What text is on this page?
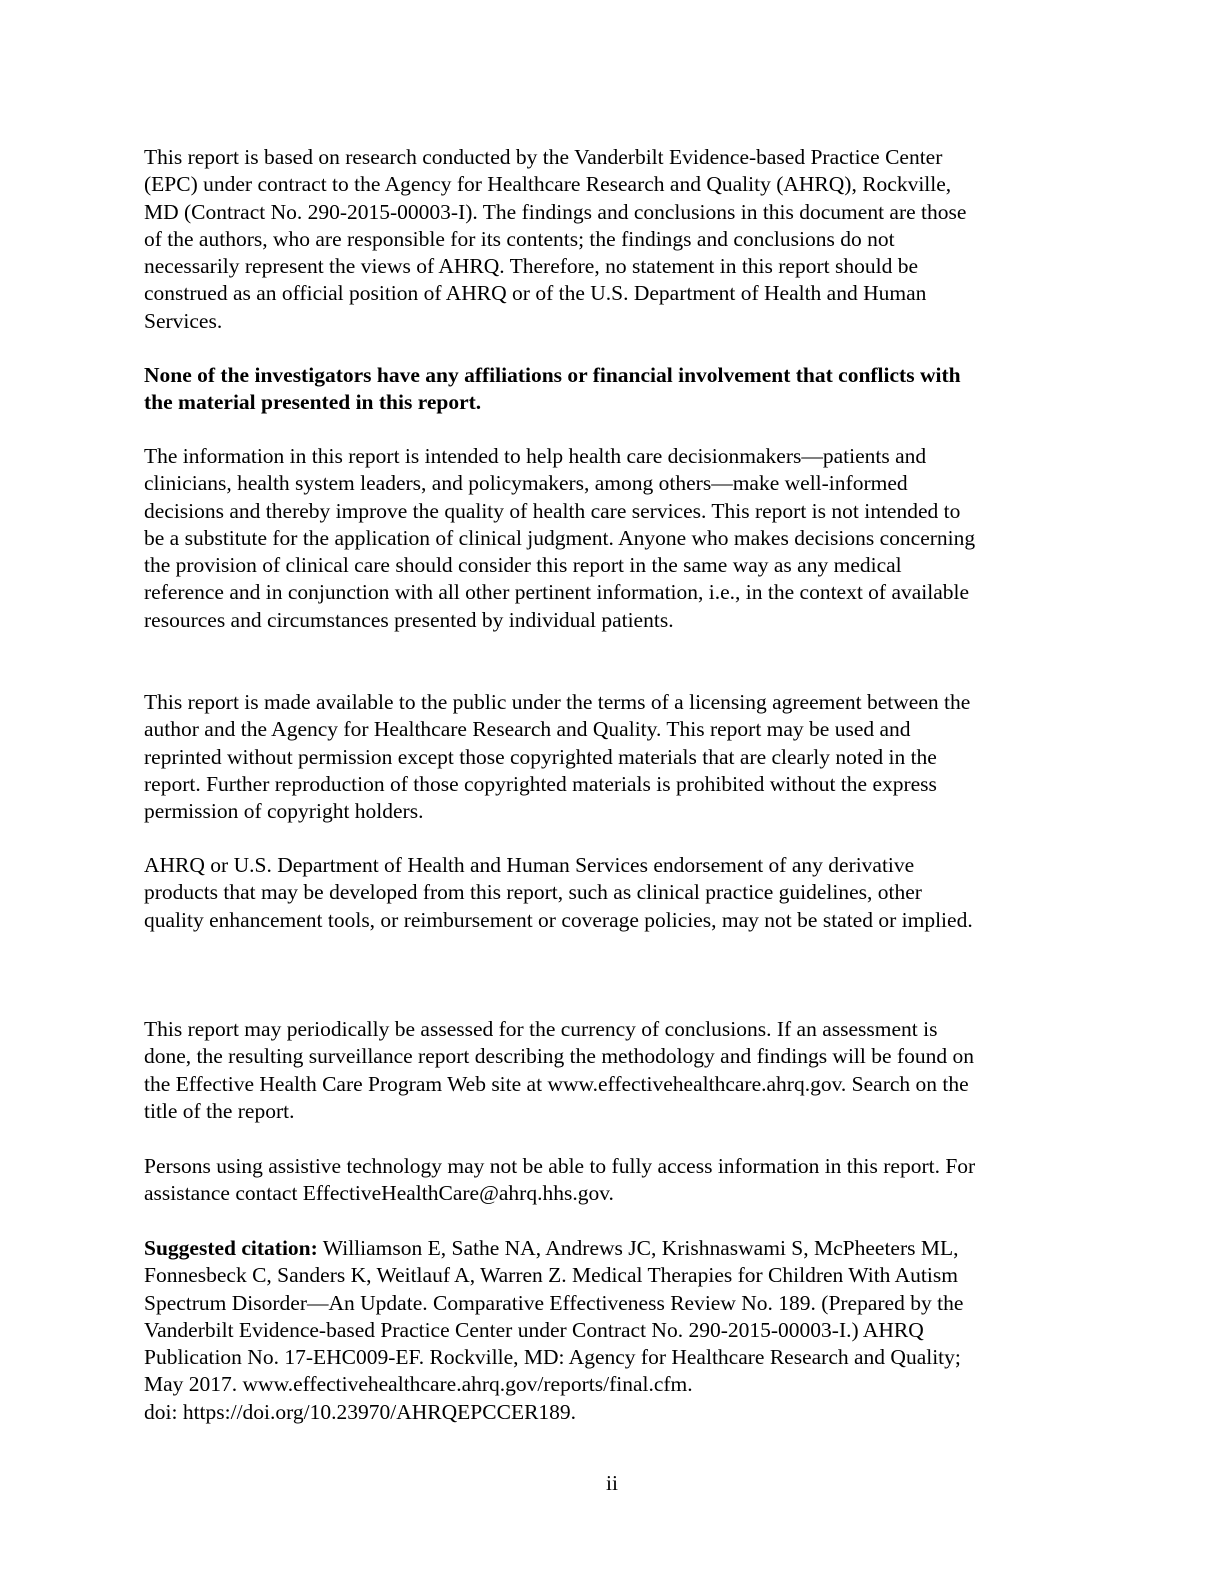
This report is based on research conducted by the Vanderbilt Evidence-based Practice Center
(EPC) under contract to the Agency for Healthcare Research and Quality (AHRQ), Rockville,
MD (Contract No. 290-2015-00003-I). The findings and conclusions in this document are those
of the authors, who are responsible for its contents; the findings and conclusions do not
necessarily represent the views of AHRQ. Therefore, no statement in this report should be
construed as an official position of AHRQ or of the U.S. Department of Health and Human
Services.

None of the investigators have any affiliations or financial involvement that conflicts with
the material presented in this report.

The information in this report is intended to help health care decisionmakers—patients and
clinicians, health system leaders, and policymakers, among others—make well-informed
decisions and thereby improve the quality of health care services. This report is not intended to
be a substitute for the application of clinical judgment. Anyone who makes decisions concerning
the provision of clinical care should consider this report in the same way as any medical
reference and in conjunction with all other pertinent information, i.e., in the context of available
resources and circumstances presented by individual patients.

This report is made available to the public under the terms of a licensing agreement between the
author and the Agency for Healthcare Research and Quality. This report may be used and
reprinted without permission except those copyrighted materials that are clearly noted in the
report. Further reproduction of those copyrighted materials is prohibited without the express
permission of copyright holders.

AHRQ or U.S. Department of Health and Human Services endorsement of any derivative
products that may be developed from this report, such as clinical practice guidelines, other
quality enhancement tools, or reimbursement or coverage policies, may not be stated or implied.

This report may periodically be assessed for the currency of conclusions. If an assessment is
done, the resulting surveillance report describing the methodology and findings will be found on
the Effective Health Care Program Web site at www.effectivehealthcare.ahrq.gov. Search on the
title of the report.

Persons using assistive technology may not be able to fully access information in this report. For
assistance contact EffectiveHealthCare@ahrq.hhs.gov.

Suggested citation: Williamson E, Sathe NA, Andrews JC, Krishnaswami S, McPheeters ML,
Fonnesbeck C, Sanders K, Weitlauf A, Warren Z. Medical Therapies for Children With Autism
Spectrum Disorder—An Update. Comparative Effectiveness Review No. 189. (Prepared by the
Vanderbilt Evidence-based Practice Center under Contract No. 290-2015-00003-I.) AHRQ
Publication No. 17-EHC009-EF. Rockville, MD: Agency for Healthcare Research and Quality;
May 2017. www.effectivehealthcare.ahrq.gov/reports/final.cfm.
doi: https://doi.org/10.23970/AHRQEPCCER189.

ii
